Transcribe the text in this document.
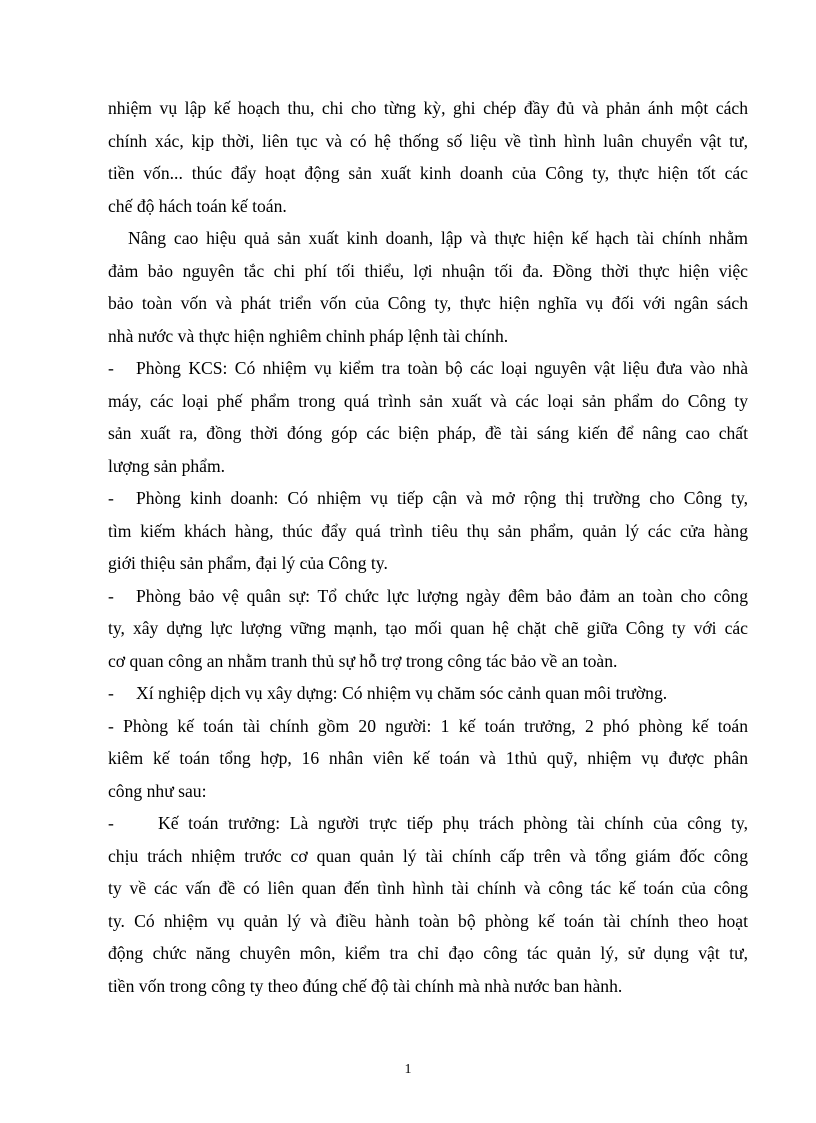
nhiệm vụ lập kế hoạch thu, chi cho từng kỳ, ghi chép đầy đủ và phản ánh một cách
chính xác, kịp thời, liên tục và có hệ thống số liệu về tình hình luân chuyển vật tư,
tiền vốn... thúc đẩy hoạt động sản xuất kinh doanh của Công ty, thực hiện tốt các
chế độ hách toán kế toán.
Nâng cao hiệu quả sản xuất kinh doanh, lập và thực hiện kế hạch tài chính nhằm
đảm bảo nguyên tắc chi phí tối thiểu, lợi nhuận tối đa. Đồng thời thực hiện việc
bảo toàn vốn và phát triển vốn của Công ty, thực hiện nghĩa vụ đối với ngân sách
nhà nước và thực hiện nghiêm chỉnh pháp lệnh tài chính.
-	Phòng KCS: Có nhiệm vụ kiểm tra toàn bộ các loại nguyên vật liệu đưa vào nhà
máy, các loại phế phẩm trong quá trình sản xuất và các loại sản phẩm do Công ty
sản xuất ra, đồng thời đóng góp các biện pháp, đề tài sáng kiến để nâng cao chất
lượng sản phẩm.
-	Phòng kinh doanh: Có nhiệm vụ tiếp cận và mở rộng thị trường cho Công ty,
tìm kiếm khách hàng, thúc đẩy quá trình tiêu thụ sản phẩm, quản lý các cửa hàng
giới thiệu sản phẩm, đại lý của Công ty.
-	Phòng bảo vệ quân sự: Tổ chức lực lượng ngày đêm bảo đảm an toàn cho công
ty, xây dựng lực lượng vững mạnh, tạo mối quan hệ chặt chẽ giữa Công ty với các
cơ quan công an nhằm tranh thủ sự hỗ trợ trong công tác bảo về an toàn.
-	Xí nghiệp dịch vụ xây dựng: Có nhiệm vụ chăm sóc cảnh quan môi trường.
- Phòng kế toán tài chính gồm 20 người: 1 kế toán trưởng, 2 phó phòng kế toán
kiêm kế toán tổng hợp, 16 nhân viên kế toán và 1thủ quỹ, nhiệm vụ được phân
công như sau:
-	Kế toán trưởng: Là người trực tiếp phụ trách phòng tài chính của công ty,
chịu trách nhiệm trước cơ quan quản lý tài chính cấp trên và tổng giám đốc công
ty về các vấn đề có liên quan đến tình hình tài chính và công tác kế toán của công
ty. Có nhiệm vụ quản lý và điều hành toàn bộ phòng kế toán tài chính theo hoạt
động chức năng chuyên môn, kiểm tra chỉ đạo công tác quản lý, sử dụng vật tư,
tiền vốn trong công ty theo đúng chế độ tài chính mà nhà nước ban hành.
1
